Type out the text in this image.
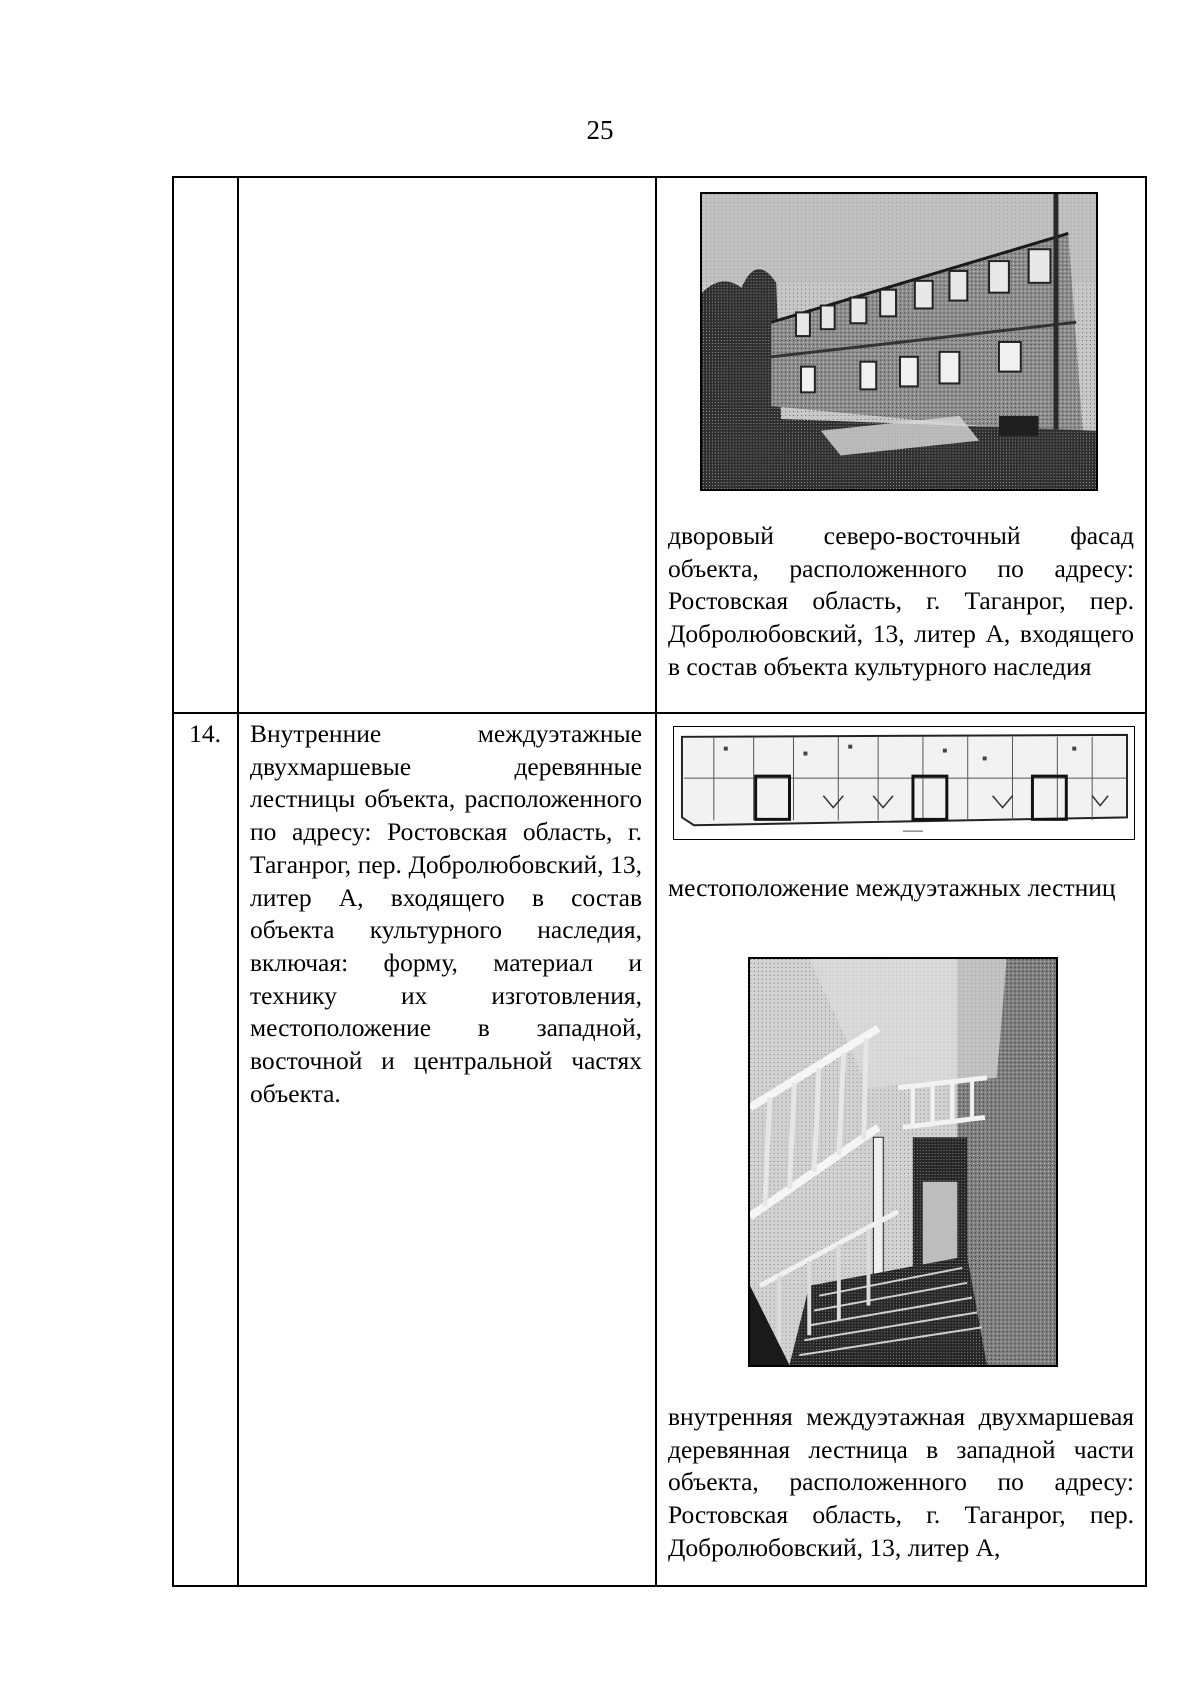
25
дворовый северо-восточный фасад объекта, расположенного по адресу: Ростовская область, г. Таганрог, пер. Добролюбовский, 13, литер А, входящего в состав объекта культурного наследия
14.	Внутренние междуэтажные двухмаршевые деревянные лестницы объекта, расположенного по адресу: Ростовская область, г. Таганрог, пер. Добролюбовский, 13, литер А, входящего в состав объекта культурного наследия, включая: форму, материал и технику их изготовления, местоположение в западной, восточной и центральной частях объекта.
местоположение междуэтажных лестниц
внутренняя междуэтажная двухмаршевая деревянная лестница в западной части объекта, расположенного по адресу: Ростовская область, г. Таганрог, пер. Добролюбовский, 13, литер А,
